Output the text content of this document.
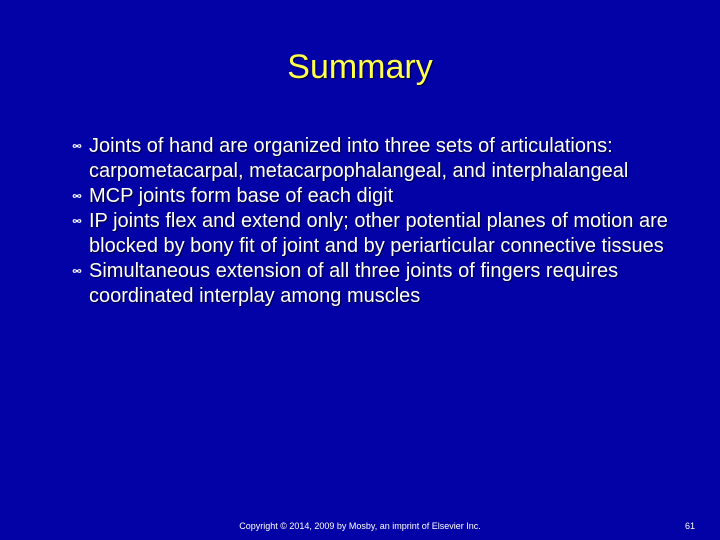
Summary
Joints of hand are organized into three sets of articulations: carpometacarpal, metacarpophalangeal, and interphalangeal
MCP joints form base of each digit
IP joints flex and extend only; other potential planes of motion are blocked by bony fit of joint and by periarticular connective tissues
Simultaneous extension of all three joints of fingers requires coordinated interplay among muscles
Copyright © 2014, 2009 by Mosby, an imprint of Elsevier Inc.	61
